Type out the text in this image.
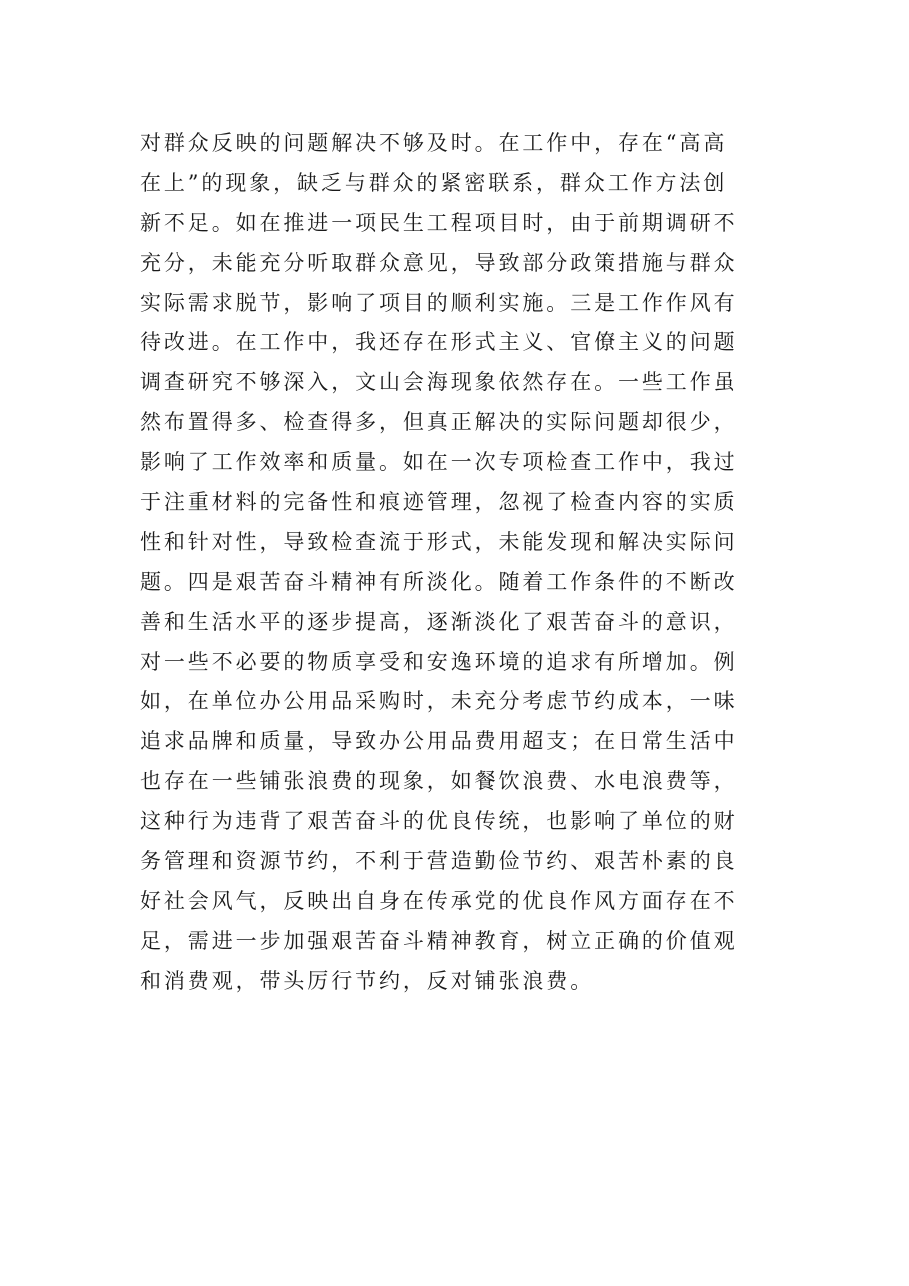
对群众反映的问题解决不够及时。在工作中，存在“高高
在上”的现象，缺乏与群众的紧密联系，群众工作方法创
新不足。如在推进一项民生工程项目时，由于前期调研不
充分，未能充分听取群众意见，导致部分政策措施与群众
实际需求脱节，影响了项目的顺利实施。三是工作作风有
待改进。在工作中，我还存在形式主义、官僚主义的问题
调查研究不够深入，文山会海现象依然存在。一些工作虽
然布置得多、检查得多，但真正解决的实际问题却很少，
影响了工作效率和质量。如在一次专项检查工作中，我过
于注重材料的完备性和痕迹管理，忽视了检查内容的实质
性和针对性，导致检查流于形式，未能发现和解决实际问
题。四是艰苦奋斗精神有所淡化。随着工作条件的不断改
善和生活水平的逐步提高，逐渐淡化了艰苦奋斗的意识，
对一些不必要的物质享受和安逸环境的追求有所增加。例
如，在单位办公用品采购时，未充分考虑节约成本，一味
追求品牌和质量，导致办公用品费用超支；在日常生活中
也存在一些铺张浪费的现象，如餐饮浪费、水电浪费等，
这种行为违背了艰苦奋斗的优良传统，也影响了单位的财
务管理和资源节约，不利于营造勤俭节约、艰苦朴素的良
好社会风气，反映出自身在传承党的优良作风方面存在不
足，需进一步加强艰苦奋斗精神教育，树立正确的价值观
和消费观，带头厉行节约，反对铺张浪费。
